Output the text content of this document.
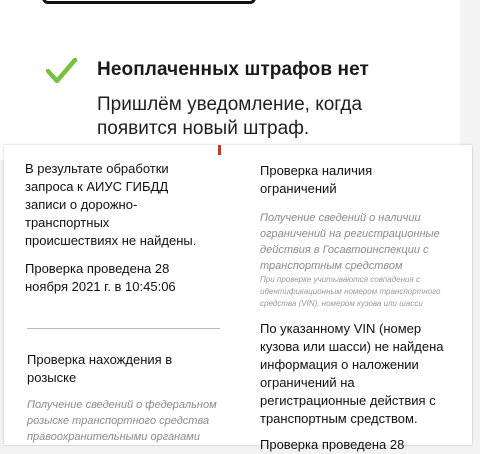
Неоплаченных штрафов нет
Пришлём уведомление, когда появится новый штраф.

В результате обработки запроса к АИУС ГИБДД записи о дорожно-транспортных происшествиях не найдены.

Проверка проведена 28 ноября 2021 г. в 10:45:06

Проверка нахождения в розыске

Получение сведений о федеральном розыске транспортного средства правоохранительными органами

Проверка наличия ограничений

Получение сведений о наличии ограничений на регистрационные действия в Госавтоинспекции с транспортным средством

При проверке учитываются совпадения с идентификационным номером транспортного средства (VIN), номером кузова или шасси

По указанному VIN (номер кузова или шасси) не найдена информация о наложении ограничений на регистрационные действия с транспортным средством.

Проверка проведена 28
